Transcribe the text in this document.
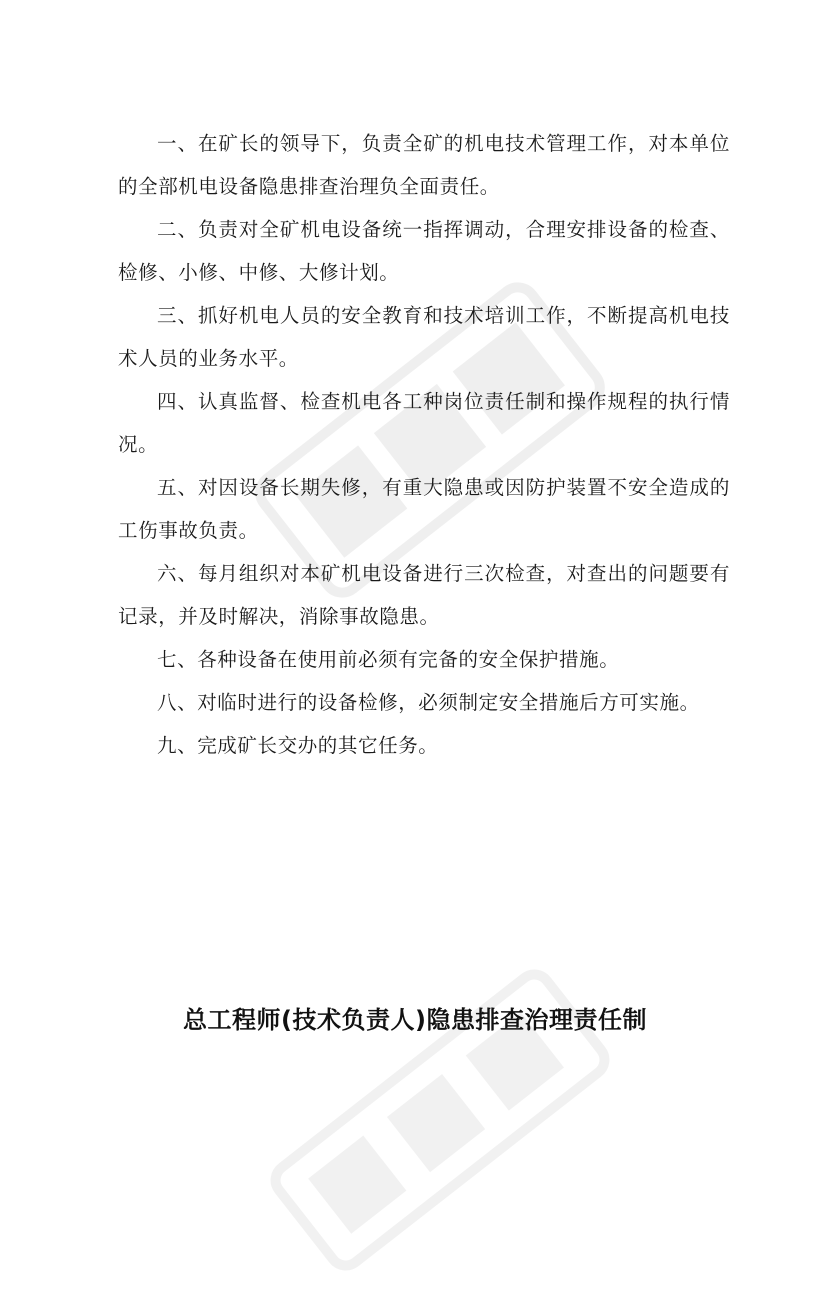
一、在矿长的领导下，负责全矿的机电技术管理工作，对本单位的全部机电设备隐患排查治理负全面责任。

二、负责对全矿机电设备统一指挥调动，合理安排设备的检查、检修、小修、中修、大修计划。

三、抓好机电人员的安全教育和技术培训工作，不断提高机电技术人员的业务水平。

四、认真监督、检查机电各工种岗位责任制和操作规程的执行情况。

五、对因设备长期失修，有重大隐患或因防护装置不安全造成的工伤事故负责。

六、每月组织对本矿机电设备进行三次检查，对查出的问题要有记录，并及时解决，消除事故隐患。

七、各种设备在使用前必须有完备的安全保护措施。

八、对临时进行的设备检修，必须制定安全措施后方可实施。

九、完成矿长交办的其它任务。

总工程师(技术负责人)隐患排查治理责任制
